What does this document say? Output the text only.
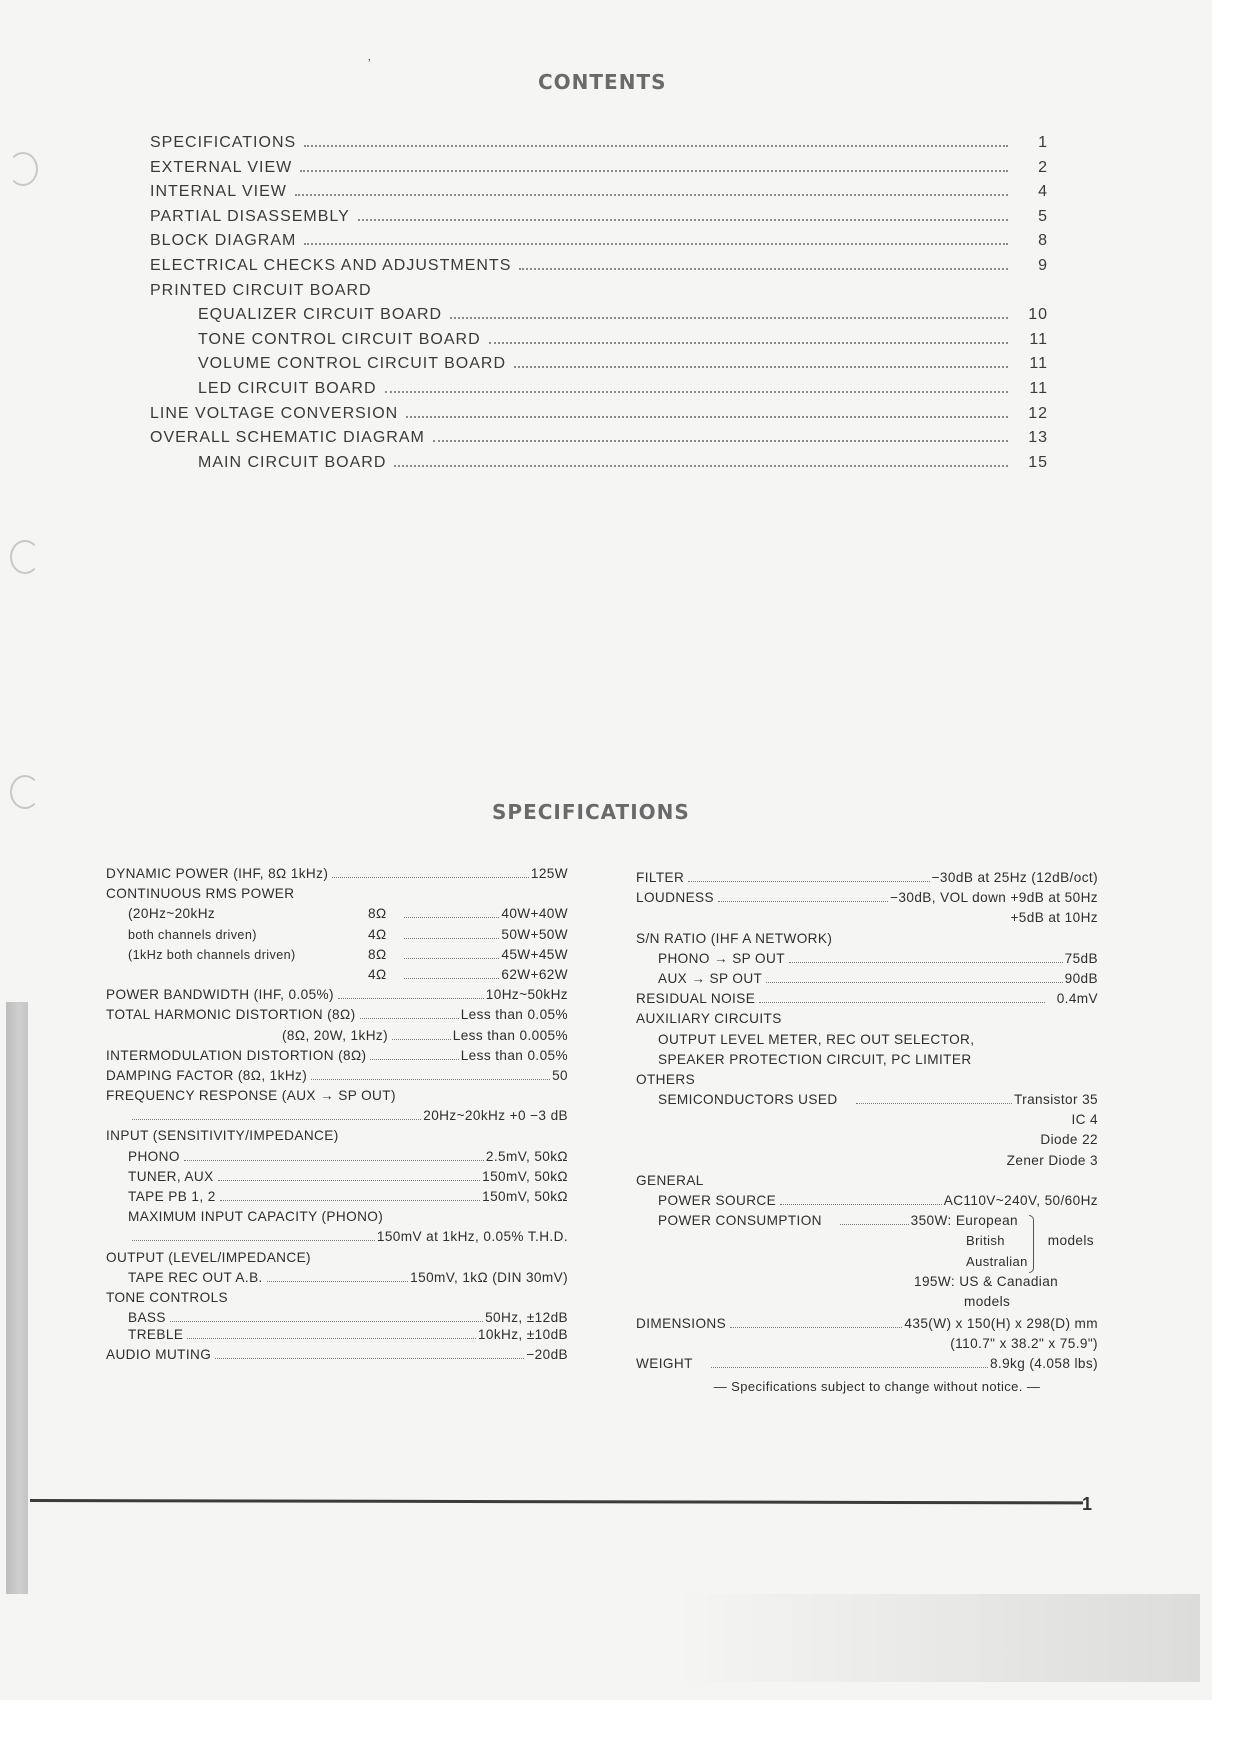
ʼ
CONTENTS
SPECIFICATIONS	1
EXTERNAL VIEW	2
INTERNAL VIEW	4
PARTIAL DISASSEMBLY	5
BLOCK DIAGRAM	8
ELECTRICAL CHECKS AND ADJUSTMENTS	9
PRINTED CIRCUIT BOARD
EQUALIZER CIRCUIT BOARD	10
TONE CONTROL CIRCUIT BOARD	11
VOLUME CONTROL CIRCUIT BOARD	11
LED CIRCUIT BOARD	11
LINE VOLTAGE CONVERSION	12
OVERALL SCHEMATIC DIAGRAM	13
MAIN CIRCUIT BOARD	15
SPECIFICATIONS
DYNAMIC POWER (IHF, 8Ω 1kHz)	125W
CONTINUOUS RMS POWER
(20Hz~20kHz	8Ω	40W+40W
both channels driven)	4Ω	50W+50W
(1kHz both channels driven)	8Ω	45W+45W
4Ω	62W+62W
POWER BANDWIDTH (IHF, 0.05%)	10Hz~50kHz
TOTAL HARMONIC DISTORTION (8Ω)	Less than 0.05%
(8Ω, 20W, 1kHz)	Less than 0.005%
INTERMODULATION DISTORTION (8Ω)	Less than 0.05%
DAMPING FACTOR (8Ω, 1kHz)	50
FREQUENCY RESPONSE (AUX → SP OUT)
20Hz~20kHz +0 −3 dB
INPUT (SENSITIVITY/IMPEDANCE)
PHONO	2.5mV, 50kΩ
TUNER, AUX	150mV, 50kΩ
TAPE PB 1, 2	150mV, 50kΩ
MAXIMUM INPUT CAPACITY (PHONO)
150mV at 1kHz, 0.05% T.H.D.
OUTPUT (LEVEL/IMPEDANCE)
TAPE REC OUT A.B.	150mV, 1kΩ (DIN 30mV)
TONE CONTROLS
BASS	50Hz, ±12dB
TREBLE	10kHz, ±10dB
AUDIO MUTING	−20dB
FILTER	−30dB at 25Hz (12dB/oct)
LOUDNESS	−30dB, VOL down +9dB at 50Hz
+5dB at 10Hz
S/N RATIO (IHF A NETWORK)
PHONO → SP OUT	75dB
AUX → SP OUT	90dB
RESIDUAL NOISE	0.4mV
AUXILIARY CIRCUITS
OUTPUT LEVEL METER, REC OUT SELECTOR,
SPEAKER PROTECTION CIRCUIT, PC LIMITER
OTHERS
SEMICONDUCTORS USED	Transistor 35
IC 4
Diode 22
Zener Diode 3
GENERAL
POWER SOURCE	AC110V~240V, 50/60Hz
POWER CONSUMPTION	350W: European
British
Australian
models
195W: US & Canadian
models
DIMENSIONS	435(W) x 150(H) x 298(D) mm
(110.7" x 38.2" x 75.9")
WEIGHT	8.9kg (4.058 lbs)
— Specifications subject to change without notice. —
1
